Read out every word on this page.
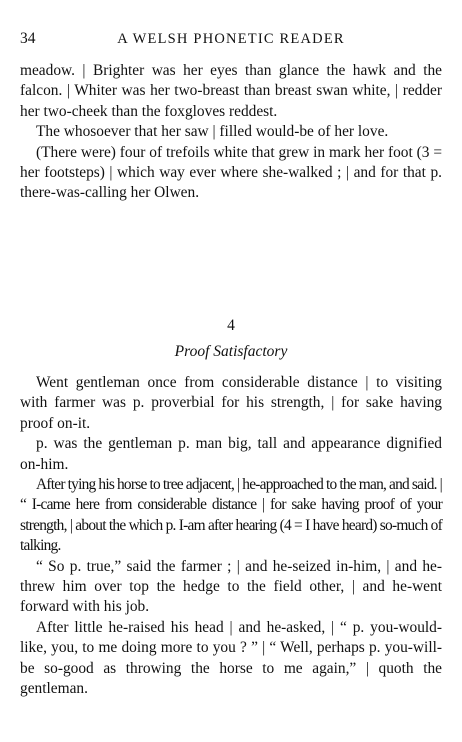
34	A WELSH PHONETIC READER

meadow. | Brighter was her eyes than glance the hawk and the falcon. | Whiter was her two-breast than breast swan white, | redder her two-cheek than the foxgloves reddest.

The whosoever that her saw | filled would-be of her love.

(There were) four of trefoils white that grew in mark her foot (3 = her footsteps) | which way ever where she-walked ; | and for that p. there-was-calling her Olwen.

4
Proof Satisfactory

Went gentleman once from considerable distance | to visiting with farmer was p. proverbial for his strength, | for sake having proof on-it.

p. was the gentleman p. man big, tall and appearance dignified on-him.

After tying his horse to tree adjacent, | he-approached to the man, and said. | “ I-came here from considerable distance | for sake having proof of your strength, | about the which p. I-am after hearing (4 = I have heard) so-much of talking.

“ So p. true,” said the farmer ; | and he-seized in-him, | and he-threw him over top the hedge to the field other, | and he-went forward with his job.

After little he-raised his head | and he-asked, | “ p. you-would-like, you, to me doing more to you ? ” | “ Well, perhaps p. you-will-be so-good as throwing the horse to me again,” | quoth the gentleman.
